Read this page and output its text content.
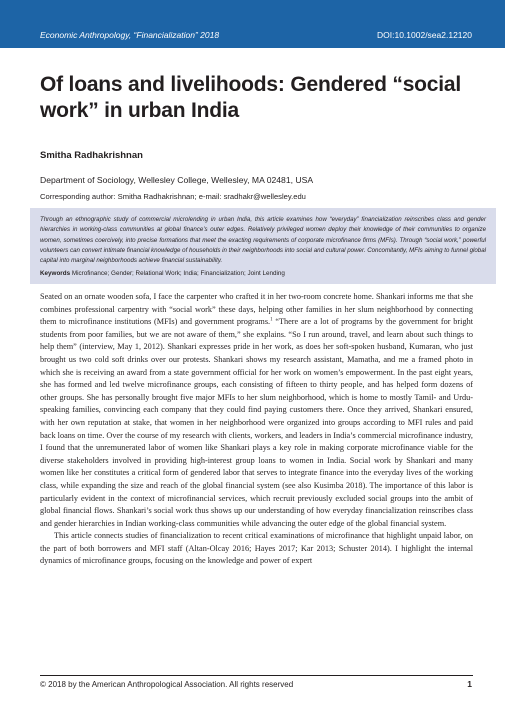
Economic Anthropology, “Financialization” 2018	DOI:10.1002/sea2.12120
Of loans and livelihoods: Gendered “social work” in urban India
Smitha Radhakrishnan
Department of Sociology, Wellesley College, Wellesley, MA 02481, USA
Corresponding author: Smitha Radhakrishnan; e-mail: sradhakr@wellesley.edu

Through an ethnographic study of commercial microlending in urban India, this article examines how “everyday” financialization reinscribes class and gender hierarchies in working-class communities at global finance’s outer edges. Relatively privileged women deploy their knowledge of their communities to organize women, sometimes coercively, into precise formations that meet the exacting requirements of corporate microfinance firms (MFIs). Through “social work,” powerful volunteers can convert intimate financial knowledge of households in their neighborhoods into social and cultural power. Concomitantly, MFIs aiming to funnel global capital into marginal neighborhoods achieve financial sustainability.

Keywords Microfinance; Gender; Relational Work; India; Financialization; Joint Lending

Seated on an ornate wooden sofa, I face the carpenter who crafted it in her two-room concrete home. Shankari informs me that she combines professional carpentry with “social work” these days, helping other families in her slum neighborhood by connecting them to microfinance institutions (MFIs) and government programs.$^1$ “There are a lot of programs by the government for bright students from poor families, but we are not aware of them,” she explains. “So I run around, travel, and learn about such things to help them” (interview, May 1, 2012). Shankari expresses pride in her work, as does her soft-spoken husband, Kumaran, who just brought us two cold soft drinks over our protests. Shankari shows my research assistant, Mamatha, and me a framed photo in which she is receiving an award from a state government official for her work on women’s empowerment. In the past eight years, she has formed and led twelve microfinance groups, each consisting of fifteen to thirty people, and has helped form dozens of other groups. She has personally brought five major MFIs to her slum neighborhood, which is home to mostly Tamil- and Urdu-speaking families, convincing each company that they could find paying customers there. Once they arrived, Shankari ensured, with her own reputation at stake, that women in her neighborhood were organized into groups according to MFI rules and paid back loans on time. Over the course of my research with clients, workers, and leaders in India’s commercial microfinance industry, I found that the unremunerated labor of women like Shankari plays a key role in making corporate microfinance viable for the diverse stakeholders involved in providing high-interest group loans to women in India. Social work by Shankari and many women like her constitutes a critical form of gendered labor that serves to integrate finance into the everyday lives of the working class, while expanding the size and reach of the global financial system (see also Kusimba 2018). The importance of this labor is particularly evident in the context of microfinancial services, which recruit previously excluded social groups into the ambit of global financial flows. Shankari’s social work thus shows up our understanding of how everyday financialization reinscribes class and gender hierarchies in Indian working-class communities while advancing the outer edge of the global financial system.

This article connects studies of financialization to recent critical examinations of microfinance that highlight unpaid labor, on the part of both borrowers and MFI staff (Altan-Olcay 2016; Hayes 2017; Kar 2013; Schuster 2014). I highlight the internal dynamics of microfinance groups, focusing on the knowledge and power of expert

© 2018 by the American Anthropological Association. All rights reserved	1
